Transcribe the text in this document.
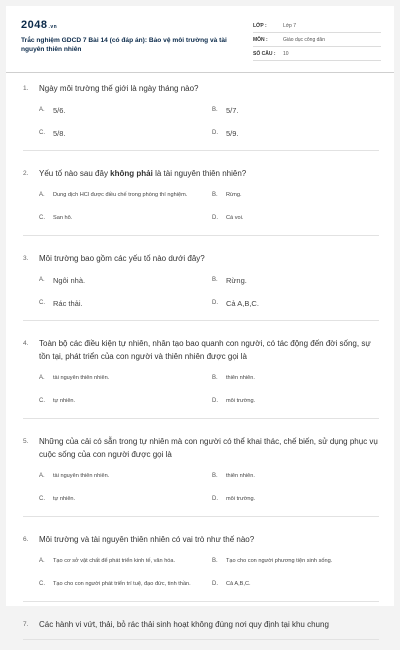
2048.vn
Trắc nghiệm GDCD 7 Bài 14 (có đáp án): Bảo vệ môi trường và tài nguyên thiên nhiên
LỚP :	Lớp 7
MÔN :	Giáo dục công dân
SỐ CÂU :	10
1.	Ngày môi trường thế giới là ngày tháng nào?
A.	5/6.	B.	5/7.
C.	5/8.	D.	5/9.
2.	Yếu tố nào sau đây không phải là tài nguyên thiên nhiên?
A.	Dung dịch HCl được điều chế trong phòng thí nghiệm.	B.	Rừng.
C.	San hô.	D.	Cá voi.
3.	Môi trường bao gồm các yếu tố nào dưới đây?
A.	Ngôi nhà.	B.	Rừng.
C.	Rác thải.	D.	Cả A,B,C.
4.	Toàn bộ các điều kiện tự nhiên, nhân tạo bao quanh con người, có tác động đến đời sống, sự tồn tại, phát triển của con người và thiên nhiên được gọi là
A.	tài nguyên thiên nhiên.	B.	thiên nhiên.
C.	tự nhiên.	D.	môi trường.
5.	Những của cải có sẵn trong tự nhiên mà con người có thể khai thác, chế biến, sử dụng phục vụ cuộc sống của con người được gọi là
A.	tài nguyên thiên nhiên.	B.	thiên nhiên.
C.	tự nhiên.	D.	môi trường.
6.	Môi trường và tài nguyên thiên nhiên có vai trò như thế nào?
A.	Tạo cơ sở vật chất để phát triển kinh tế, văn hóa.	B.	Tạo cho con người phương tiện sinh sống.
C.	Tạo cho con người phát triển trí tuệ, đạo đức, tinh thần.	D.	Cả A,B,C.
7.	Các hành vi vứt, thải, bỏ rác thải sinh hoạt không đúng nơi quy định tại khu chung
